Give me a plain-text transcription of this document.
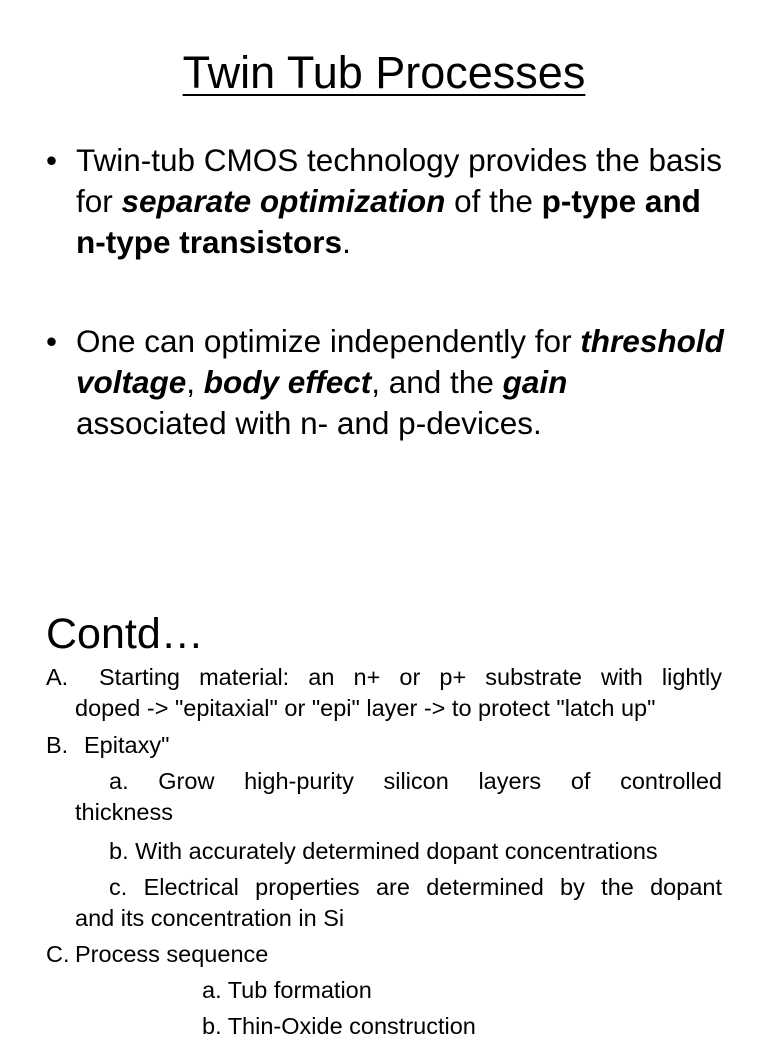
Twin Tub Processes
• Twin-tub CMOS technology provides the basis for separate optimization of the p-type and n-type transistors.
• One can optimize independently for threshold voltage, body effect, and the gain associated with n- and p-devices.
Contd…
A.	Starting material: an n+ or p+ substrate with lightly
doped -> "epitaxial" or "epi" layer -> to protect "latch up"
B. Epitaxy"
a. Grow high-purity silicon layers of controlled
thickness
b. With accurately determined dopant concentrations
c. Electrical properties are determined by the dopant
and its concentration in Si
C. Process sequence
a. Tub formation
b. Thin-Oxide construction
